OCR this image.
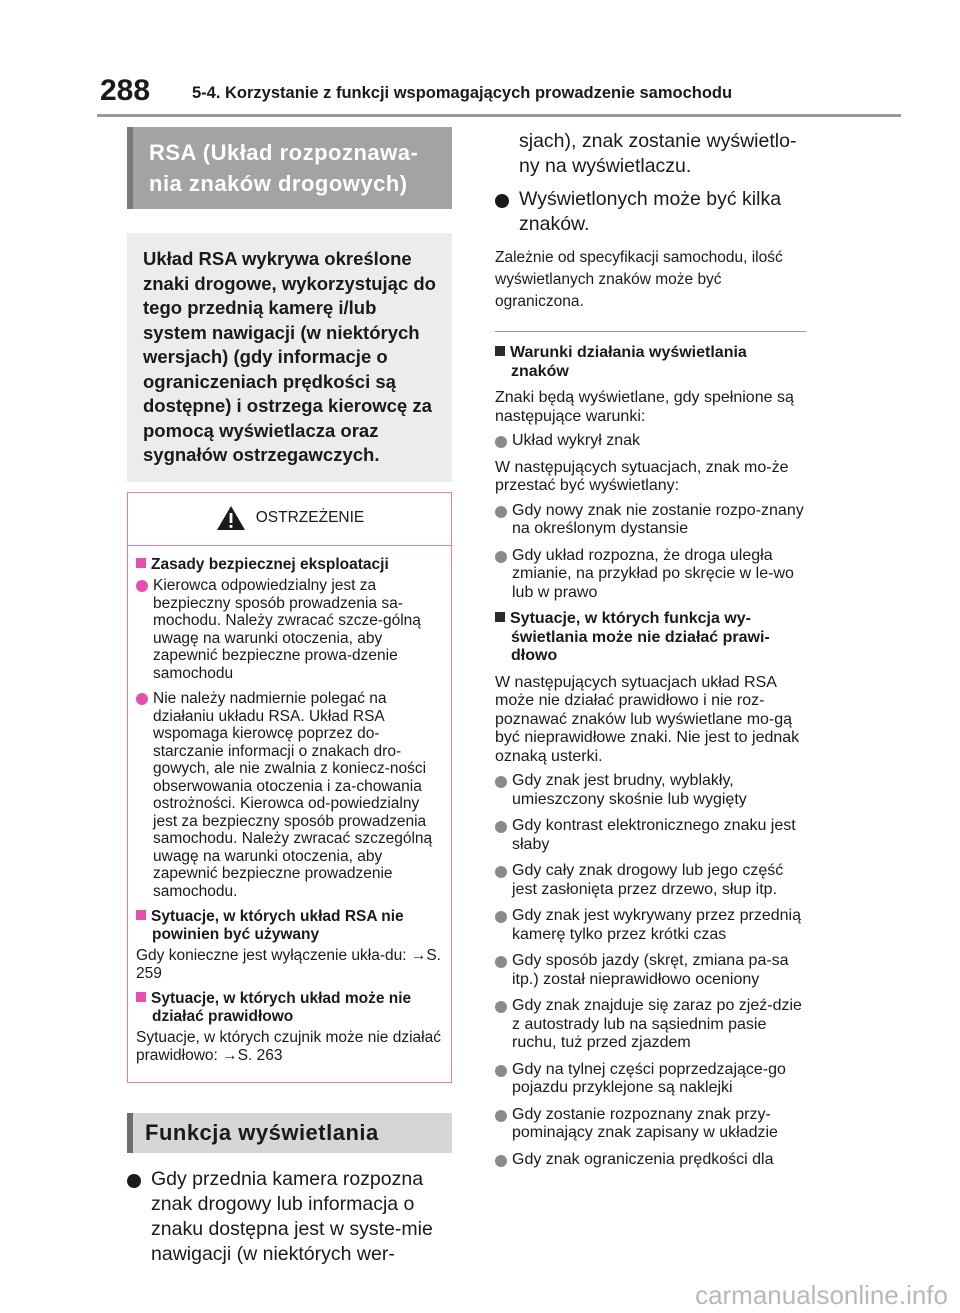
288	5-4. Korzystanie z funkcji wspomagających prowadzenie samochodu
RSA (Układ rozpoznawa-nia znaków drogowych)
Układ RSA wykrywa określone znaki drogowe, wykorzystując do tego przednią kamerę i/lub system nawigacji (w niektórych wersjach) (gdy informacje o ograniczeniach prędkości są dostępne) i ostrzega kierowcę za pomocą wyświetlacza oraz sygnałów ostrzegawczych.
OSTRZEŻENIE
Zasady bezpiecznej eksploatacji
Kierowca odpowiedzialny jest za bezpieczny sposób prowadzenia sa-mochodu. Należy zwracać szcze-gólną uwagę na warunki otoczenia, aby zapewnić bezpieczne prowa-dzenie samochodu
Nie należy nadmiernie polegać na działaniu układu RSA. Układ RSA wspomaga kierowcę poprzez do-starczanie informacji o znakach dro-gowych, ale nie zwalnia z koniecz-ności obserwowania otoczenia i za-chowania ostrożności. Kierowca od-powiedzialny jest za bezpieczny sposób prowadzenia samochodu. Należy zwracać szczególną uwagę na warunki otoczenia, aby zapewnić bezpieczne prowadzenie samochodu.
Sytuacje, w których układ RSA nie powinien być używany
Gdy konieczne jest wyłączenie ukła-du: →S. 259
Sytuacje, w których układ może nie działać prawidłowo
Sytuacje, w których czujnik może nie działać prawidłowo: →S. 263
Funkcja wyświetlania
Gdy przednia kamera rozpozna znak drogowy lub informacja o znaku dostępna jest w syste-mie nawigacji (w niektórych wer-
sjach), znak zostanie wyświetlo-ny na wyświetlaczu.
Wyświetlonych może być kilka znaków.
Zależnie od specyfikacji samochodu, ilość wyświetlanych znaków może być ograniczona.
Warunki działania wyświetlania znaków
Znaki będą wyświetlane, gdy spełnione są następujące warunki:
Układ wykrył znak
W następujących sytuacjach, znak mo-że przestać być wyświetlany:
Gdy nowy znak nie zostanie rozpo-znany na określonym dystansie
Gdy układ rozpozna, że droga uległa zmianie, na przykład po skręcie w le-wo lub w prawo
Sytuacje, w których funkcja wy-świetlania może nie działać prawi-dłowo
W następujących sytuacjach układ RSA może nie działać prawidłowo i nie roz-poznawać znaków lub wyświetlane mo-gą być nieprawidłowe znaki. Nie jest to jednak oznaką usterki.
Gdy znak jest brudny, wyblakły, umieszczony skośnie lub wygięty
Gdy kontrast elektronicznego znaku jest słaby
Gdy cały znak drogowy lub jego część jest zasłonięta przez drzewo, słup itp.
Gdy znak jest wykrywany przez przednią kamerę tylko przez krótki czas
Gdy sposób jazdy (skręt, zmiana pa-sa itp.) został nieprawidłowo oceniony
Gdy znak znajduje się zaraz po zjeź-dzie z autostrady lub na sąsiednim pasie ruchu, tuż przed zjazdem
Gdy na tylnej części poprzedzające-go pojazdu przyklejone są naklejki
Gdy zostanie rozpoznany znak przy-pominający znak zapisany w układzie
Gdy znak ograniczenia prędkości dla
carmanualsonline.info
